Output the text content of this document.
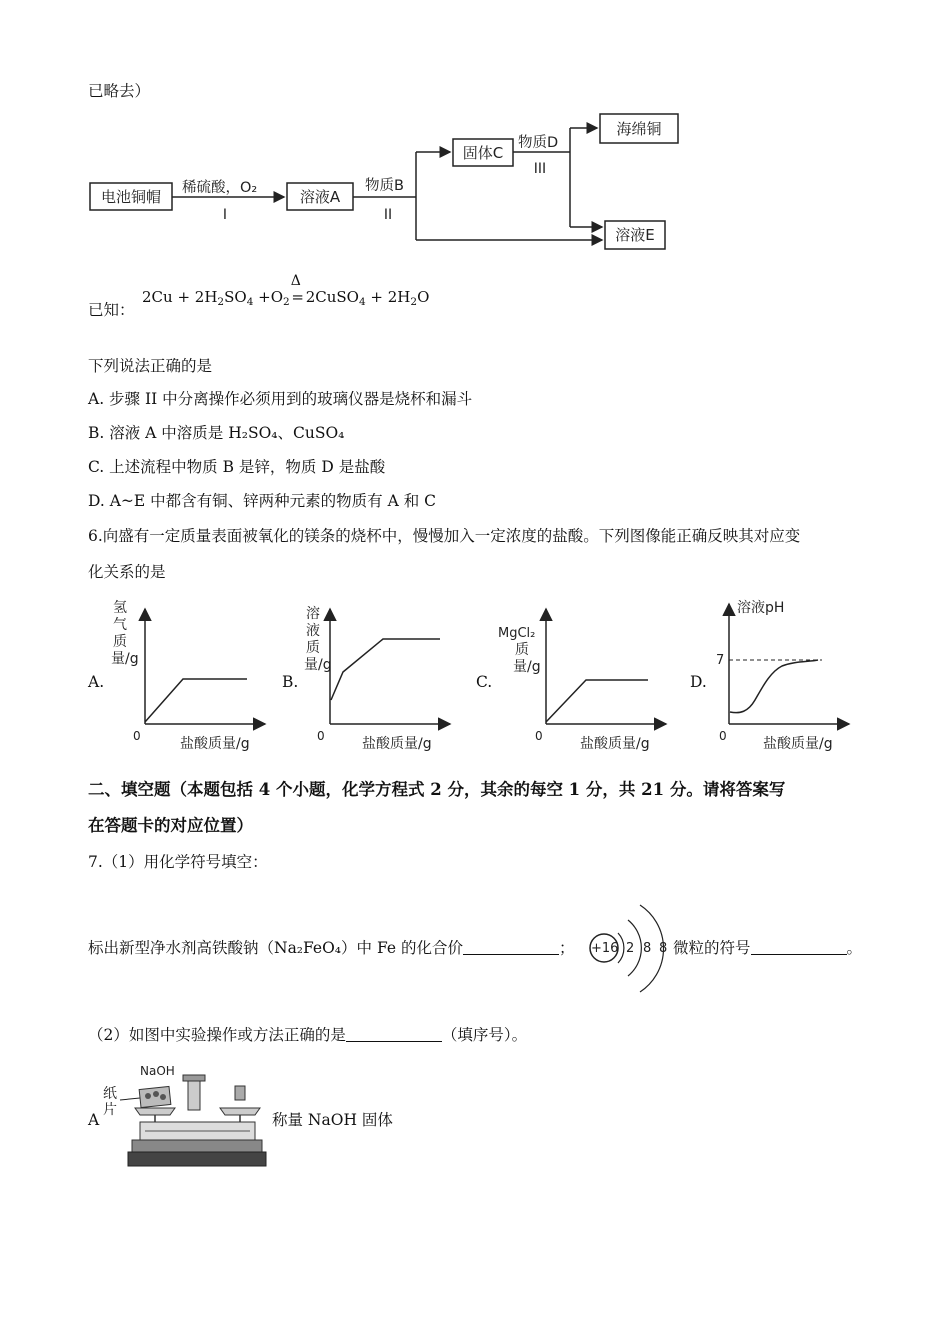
已略去）
电池铜帽 稀硫酸，O₂
I
溶液A
物质B
II
固体C
物质D
III
海绵铜
溶液E
已知：
$2Cu + 2H_2SO_4 +O_2$
Δ
= 2CuSO$_4$ + $2H_2O$
下列说法正确的是
A. 步骤 II 中分离操作必须用到的玻璃仪器是烧杯和漏斗
B. 溶液 A 中溶质是 H₂SO₄、CuSO₄
C. 上述流程中物质 B 是锌，物质 D 是盐酸
D. A~E 中都含有铜、锌两种元素的物质有 A 和 C
6.向盛有一定质量表面被氧化的镁条的烧杯中，慢慢加入一定浓度的盐酸。下列图像能正确反映其对应变
化关系的是
A.
氢气质量/g
盐酸质量/g
0
B.
溶液质量/g
盐酸质量/g
0
C.
MgCl₂
质量/g
盐酸质量/g
0
D.
溶液pH
7
盐酸质量/g
0
二、填空题（本题包括 4 个小题，化学方程式 2 分，其余的每空 1 分，共 21 分。请将答案写
在答题卡的对应位置）
7.（1）用化学符号填空：
标出新型净水剂高铁酸钠（Na₂FeO₄）中 Fe 的化合价	； +16 2 8 8 微粒的符号	。
（2）如图中实验操作或方法正确的是	（填序号）。
A
NaOH
纸片
称量 NaOH 固体
